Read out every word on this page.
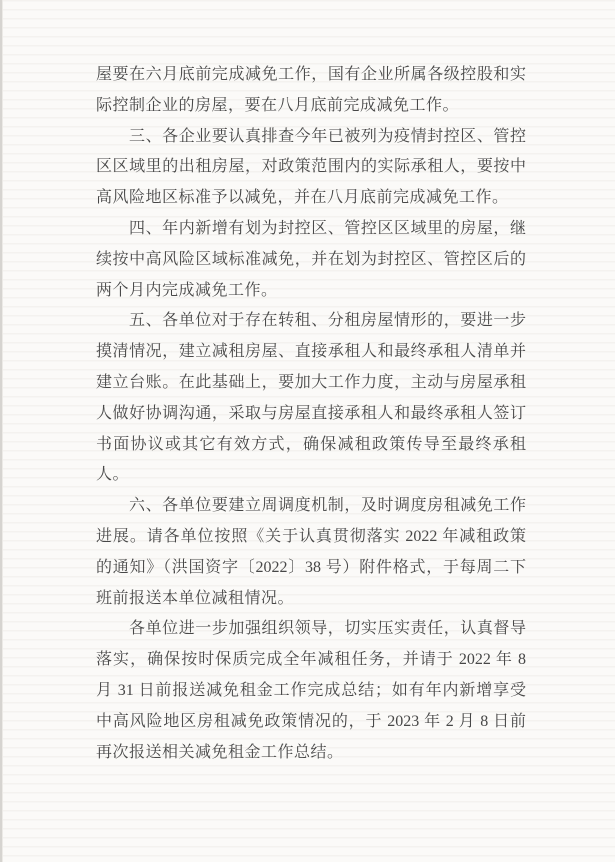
屋要在六月底前完成减免工作，国有企业所属各级控股和实
际控制企业的房屋，要在八月底前完成减免工作。
三、各企业要认真排查今年已被列为疫情封控区、管控
区区域里的出租房屋，对政策范围内的实际承租人，要按中
高风险地区标准予以减免，并在八月底前完成减免工作。
四、年内新增有划为封控区、管控区区域里的房屋，继
续按中高风险区域标准减免，并在划为封控区、管控区后的
两个月内完成减免工作。
五、各单位对于存在转租、分租房屋情形的，要进一步
摸清情况，建立减租房屋、直接承租人和最终承租人清单并
建立台账。在此基础上，要加大工作力度，主动与房屋承租
人做好协调沟通，采取与房屋直接承租人和最终承租人签订
书面协议或其它有效方式，确保减租政策传导至最终承租
人。
六、各单位要建立周调度机制，及时调度房租减免工作
进展。请各单位按照《关于认真贯彻落实 2022 年减租政策
的通知》（洪国资字〔2022〕38 号）附件格式，于每周二下
班前报送本单位减租情况。
各单位进一步加强组织领导，切实压实责任，认真督导
落实，确保按时保质完成全年减租任务，并请于 2022 年 8
月 31 日前报送减免租金工作完成总结；如有年内新增享受
中高风险地区房租减免政策情况的，于 2023 年 2 月 8 日前
再次报送相关减免租金工作总结。
